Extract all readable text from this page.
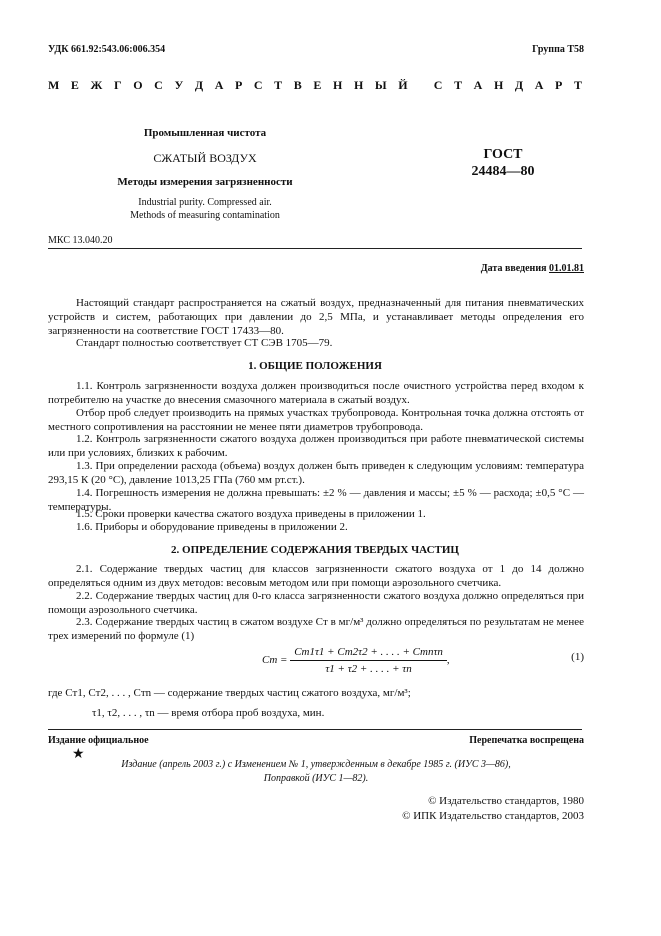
УДК 661.92:543.06:006.354	Группа Т58
М Е Ж Г О С У Д А Р С Т В Е Н Н Ы Й
С Т А Н Д А Р Т
Промышленная чистота
СЖАТЫЙ ВОЗДУХ
Методы измерения загрязненности
Industrial purity. Compressed air.
Methods of measuring contamination
ГОСТ
24484—80
МКС 13.040.20
Дата введения 01.01.81
Настоящий стандарт распространяется на сжатый воздух, предназначенный для питания пневматических устройств и систем, работающих при давлении до 2,5 МПа, и устанавливает методы определения его загрязненности на соответствие ГОСТ 17433—80.
Стандарт полностью соответствует СТ СЭВ 1705—79.
1. ОБЩИЕ ПОЛОЖЕНИЯ
1.1. Контроль загрязненности воздуха должен производиться после очистного устройства перед входом к потребителю на участке до внесения смазочного материала в сжатый воздух.
Отбор проб следует производить на прямых участках трубопровода. Контрольная точка должна отстоять от местного сопротивления на расстоянии не менее пяти диаметров трубопровода.
1.2. Контроль загрязненности сжатого воздуха должен производиться при работе пневматической системы или при условиях, близких к рабочим.
1.3. При определении расхода (объема) воздух должен быть приведен к следующим условиям: температура 293,15 К (20 °С), давление 1013,25 ГПа (760 мм рт.ст.).
1.4. Погрешность измерения не должна превышать: ±2 % — давления и массы; ±5 % — расхода; ±0,5 °С — температуры.
1.5. Сроки проверки качества сжатого воздуха приведены в приложении 1.
1.6. Приборы и оборудование приведены в приложении 2.
2. ОПРЕДЕЛЕНИЕ СОДЕРЖАНИЯ ТВЕРДЫХ ЧАСТИЦ
2.1. Содержание твердых частиц для классов загрязненности сжатого воздуха от 1 до 14 должно определяться одним из двух методов: весовым методом или при помощи аэрозольного счетчика.
2.2. Содержание твердых частиц для 0-го класса загрязненности сжатого воздуха должно определяться при помощи аэрозольного счетчика.
2.3. Содержание твердых частиц в сжатом воздухе Cт в мг/м³ должно определяться по результатам не менее трех измерений по формуле (1)
Cт = $\frac{\text{Cт1τ1 + Cт2τ2 + . . . . + Cтnτn}}{\tau 1 + \tau 2 + . . . . + \tau n}$ ,	(1)
где Cт1, Cт2, . . . , Cтn — содержание твердых частиц сжатого воздуха, мг/м³;
τ1, τ2, . . . , τn — время отбора проб воздуха, мин.
Издание официальное	Перепечатка воспрещена
★
Издание (апрель 2003 г.) с Изменением № 1, утвержденным в декабре 1985 г. (ИУС 3—86),
Поправкой (ИУС 1—82).
© Издательство стандартов, 1980
© ИПК Издательство стандартов, 2003
